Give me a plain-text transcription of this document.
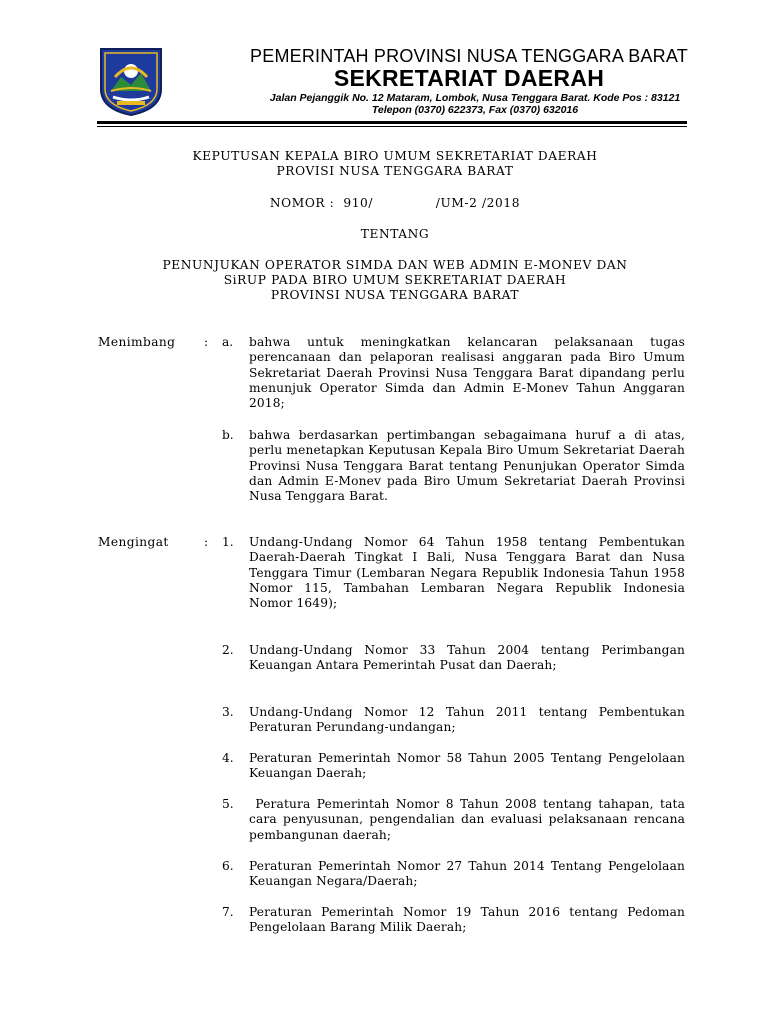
PEMERINTAH PROVINSI NUSA TENGGARA BARAT
SEKRETARIAT DAERAH
Jalan Pejanggik No. 12 Mataram, Lombok, Nusa Tenggara Barat. Kode Pos : 83121
Telepon (0370) 622373, Fax (0370) 632016
KEPUTUSAN KEPALA BIRO UMUM SEKRETARIAT DAERAH
PROVISI NUSA TENGGARA BARAT
NOMOR :  910/              /UM-2 /2018
TENTANG
PENUNJUKAN OPERATOR SIMDA DAN WEB ADMIN E-MONEV DAN
SiRUP PADA BIRO UMUM SEKRETARIAT DAERAH
PROVINSI NUSA TENGGARA BARAT
Menimbang : a. bahwa untuk meningkatkan kelancaran pelaksanaan tugas perencanaan dan pelaporan realisasi anggaran pada Biro Umum Sekretariat Daerah Provinsi Nusa Tenggara Barat dipandang perlu menunjuk Operator Simda dan Admin E-Monev Tahun Anggaran 2018;
b. bahwa berdasarkan pertimbangan sebagaimana huruf a di atas, perlu menetapkan Keputusan Kepala Biro Umum Sekretariat Daerah Provinsi Nusa Tenggara Barat tentang Penunjukan Operator Simda dan Admin E-Monev pada Biro Umum Sekretariat Daerah Provinsi Nusa Tenggara Barat.
Mengingat	: 1. Undang-Undang Nomor 64 Tahun 1958 tentang Pembentukan Daerah-Daerah Tingkat I Bali, Nusa Tenggara Barat dan Nusa Tenggara Timur (Lembaran Negara Republik Indonesia Tahun 1958 Nomor 115, Tambahan Lembaran Negara Republik Indonesia Nomor 1649);
2. Undang-Undang Nomor 33 Tahun 2004 tentang Perimbangan Keuangan Antara Pemerintah Pusat dan Daerah;
3. Undang-Undang Nomor 12 Tahun 2011 tentang Pembentukan Peraturan Perundang-undangan;
4. Peraturan Pemerintah Nomor 58 Tahun 2005 Tentang Pengelolaan Keuangan Daerah;
5. Peratura Pemerintah Nomor 8 Tahun 2008 tentang tahapan, tata cara penyusunan, pengendalian dan evaluasi pelaksanaan rencana pembangunan daerah;
6. Peraturan Pemerintah Nomor 27 Tahun 2014 Tentang Pengelolaan Keuangan Negara/Daerah;
7. Peraturan Pemerintah Nomor 19 Tahun 2016 tentang Pedoman Pengelolaan Barang Milik Daerah;
